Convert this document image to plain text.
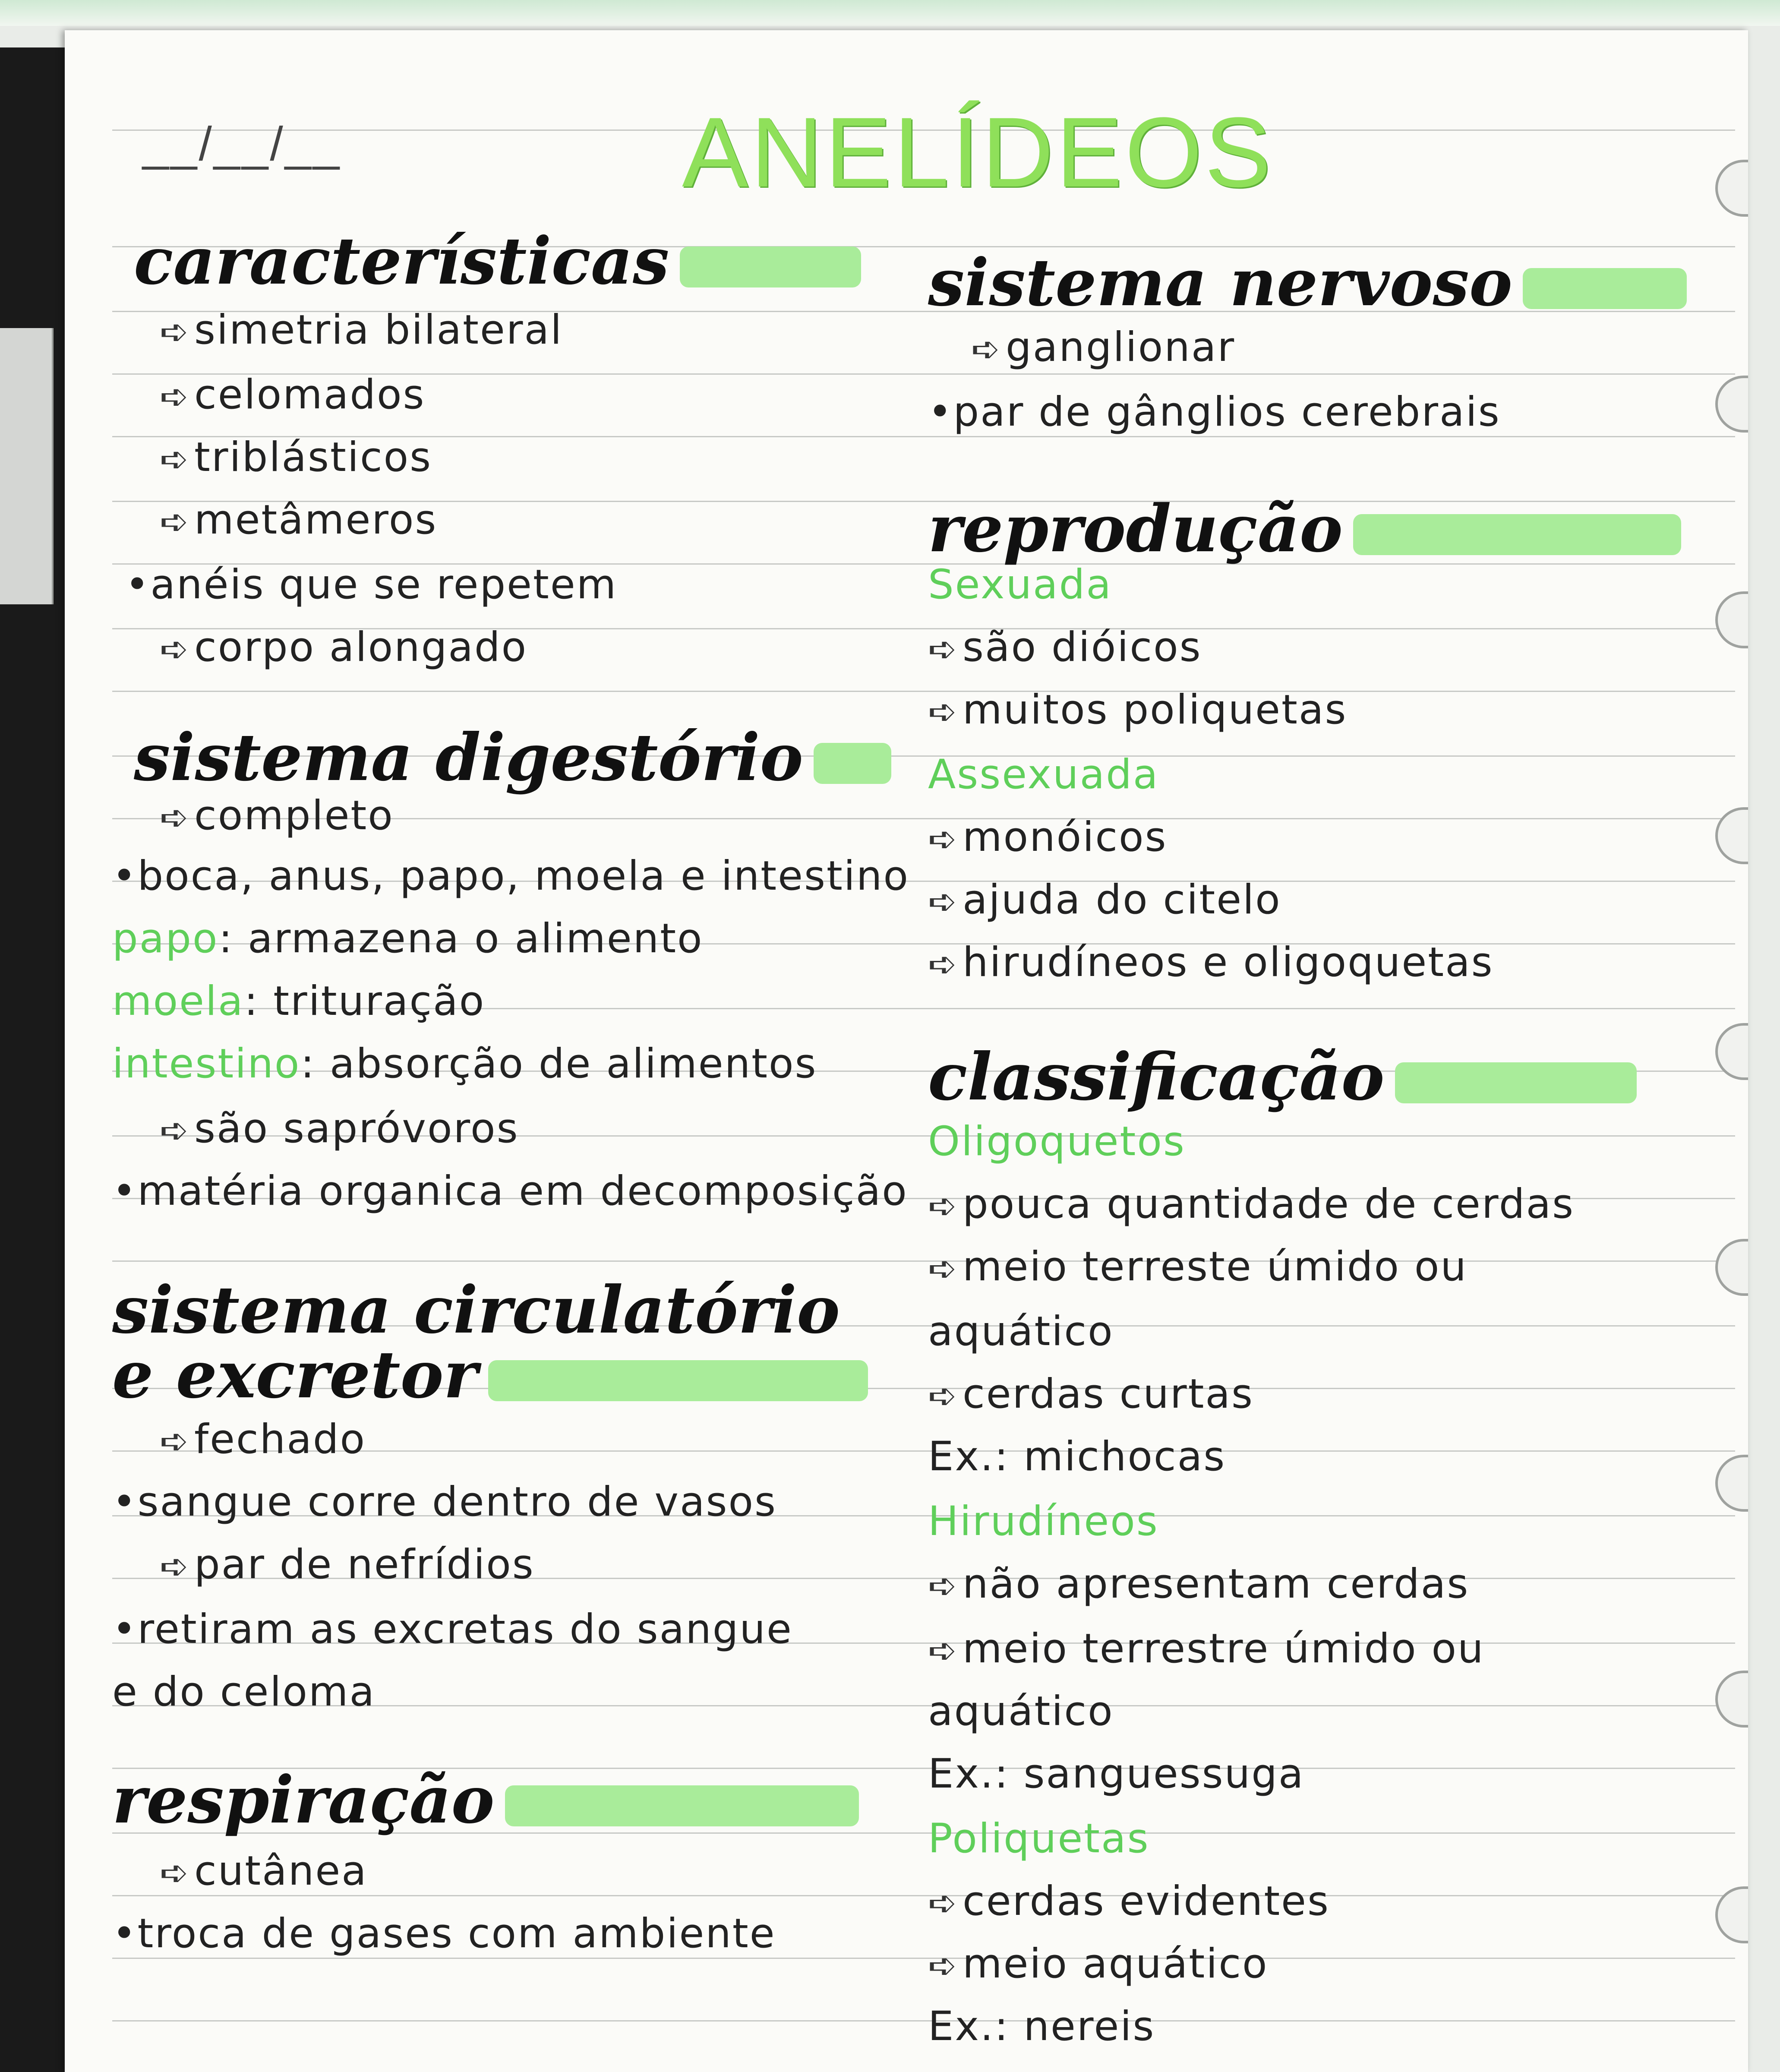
__/__/__	ANELÍDEOS
características

➪ simetria bilateral

➪ celomados

➪ triblásticos

➪ metâmeros

•anéis que se repetem

➪ corpo alongado

sistema digestório

➪ completo

•boca, anus, papo, moela e intestino

papo: armazena o alimento

moela: trituração

intestino: absorção de alimentos

➪ são sapróvoros

•matéria organica em decomposição

sistema circulatório
e excretor

➪ fechado

•sangue corre dentro de vasos

➪ par de nefrídios

•retiram as excretas do sangue

e do celoma

respiração

➪ cutânea

•troca de gases com ambiente

sistema nervoso

➪ ganglionar

•par de gânglios cerebrais

reprodução

Sexuada

➪ são dióicos

➪ muitos poliquetas

Assexuada

➪ monóicos

➪ ajuda do citelo

➪ hirudíneos e oligoquetas

classificação

Oligoquetos

➪ pouca quantidade de cerdas

➪ meio terreste úmido ou

aquático

➪ cerdas curtas

Ex.: michocas

Hirudíneos

➪ não apresentam cerdas

➪ meio terrestre úmido ou

aquático

Ex.: sanguessuga

Poliquetas

➪ cerdas evidentes

➪ meio aquático

Ex.: nereis
